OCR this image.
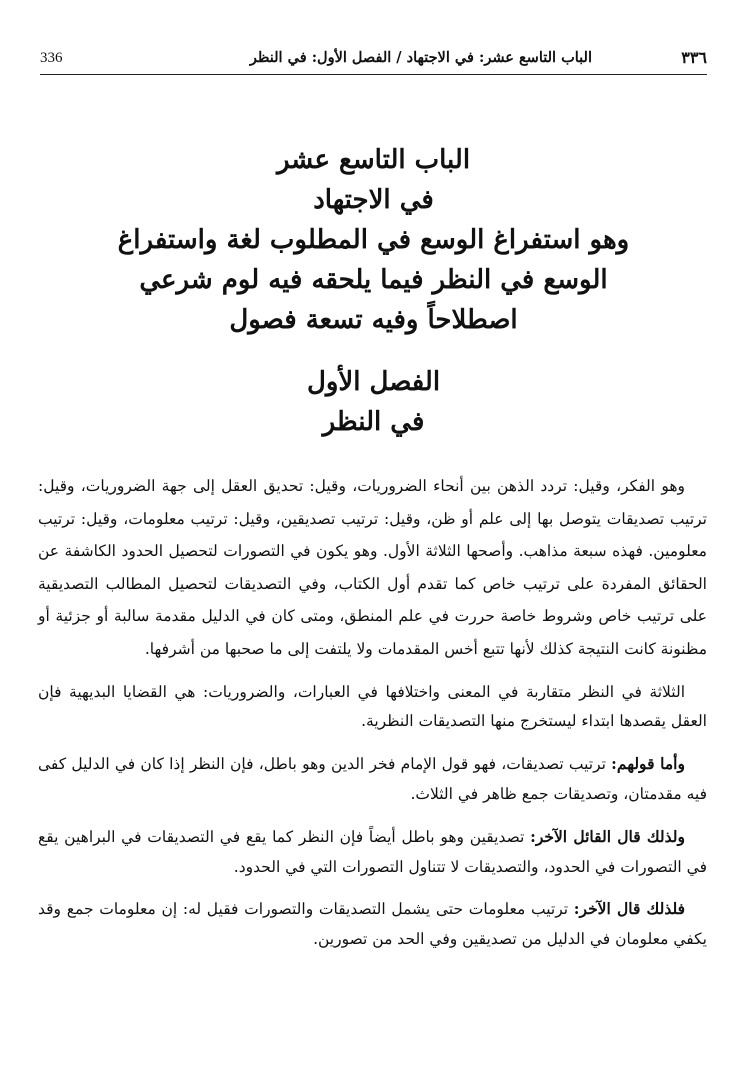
336	الباب التاسع عشر: في الاجتهاد / الفصل الأول: في النظر	٣٣٦

الباب التاسع عشر

في الاجتهاد

وهو استفراغ الوسع في المطلوب لغة واستفراغ

الوسع في النظر فيما يلحقه فيه لوم شرعي

اصطلاحاً وفيه تسعة فصول

الفصل الأول

في النظر

وهو الفكر، وقيل: تردد الذهن بين أنحاء الضروريات، وقيل: تحديق العقل إلى جهة الضروريات، وقيل: ترتيب تصديقات يتوصل بها إلى علم أو ظن، وقيل: ترتيب تصديقين، وقيل: ترتيب معلومات، وقيل: ترتيب معلومين. فهذه سبعة مذاهب. وأصحها الثلاثة الأول. وهو يكون في التصورات لتحصيل الحدود الكاشفة عن الحقائق المفردة على ترتيب خاص كما تقدم أول الكتاب، وفي التصديقات لتحصيل المطالب التصديقية على ترتيب خاص وشروط خاصة حررت في علم المنطق، ومتى كان في الدليل مقدمة سالبة أو جزئية أو مظنونة كانت النتيجة كذلك لأنها تتبع أخس المقدمات ولا يلتفت إلى ما صحبها من أشرفها.

الثلاثة في النظر متقاربة في المعنى واختلافها في العبارات، والضروريات: هي القضايا البديهية فإن العقل يقصدها ابتداء ليستخرج منها التصديقات النظرية.

وأما قولهم: ترتيب تصديقات، فهو قول الإمام فخر الدين وهو باطل، فإن النظر إذا كان في الدليل كفى فيه مقدمتان، وتصديقات جمع ظاهر في الثلاث.

ولذلك قال القائل الآخر: تصديقين وهو باطل أيضاً فإن النظر كما يقع في التصديقات في البراهين يقع في التصورات في الحدود، والتصديقات لا تتناول التصورات التي في الحدود.

فلذلك قال الآخر: ترتيب معلومات حتى يشمل التصديقات والتصورات فقيل له: إن معلومات جمع وقد يكفي معلومان في الدليل من تصديقين وفي الحد من تصورين.
